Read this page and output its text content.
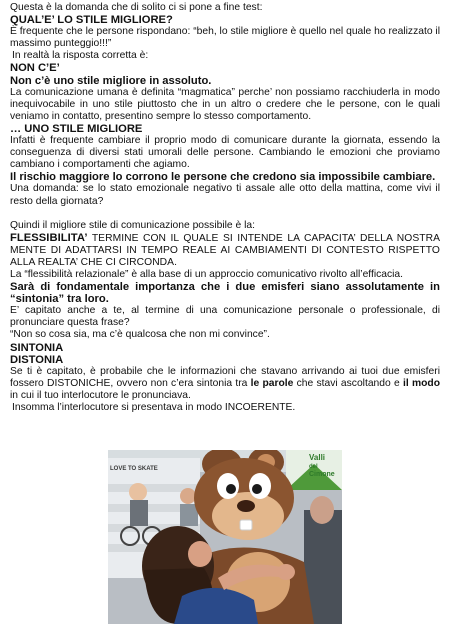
Questa è la domanda che di solito ci si pone a fine test:

QUAL’E’ LO STILE MIGLIORE?

È frequente che le persone rispondano: “beh, lo stile migliore è quello nel quale ho realizzato il massimo punteggio!!!”

In realtà la risposta corretta è:

NON C’E’

Non c’è uno stile migliore in assoluto.

La comunicazione umana è definita “magmatica” perche’ non possiamo racchiuderla in modo inequivocabile in uno stile piuttosto che in un altro o credere che le persone, con le quali veniamo in contatto, presentino sempre lo stesso comportamento.

… UNO STILE MIGLIORE

Infatti è frequente cambiare il proprio modo di comunicare durante la giornata, essendo la conseguenza di diversi stati umorali delle persone. Cambiando le emozioni che proviamo cambiano i comportamenti che agiamo.

Il rischio maggiore lo corrono le persone che credono sia impossibile cambiare.

Una domanda: se lo stato emozionale negativo ti assale alle otto della mattina, come vivi il resto della giornata?

Quindi il migliore stile di comunicazione possibile è la:

FLESSIBILITA’ TERMINE CON IL QUALE SI INTENDE LA CAPACITA’ DELLA NOSTRA MENTE DI ADATTARSI IN TEMPO REALE AI CAMBIAMENTI DI CONTESTO RISPETTO ALLA REALTA’ CHE CI CIRCONDA.

La “flessibilità relazionale” è alla base di un approccio comunicativo rivolto all’efficacia.

Sarà di fondamentale importanza che i due emisferi siano assolutamente in “sintonia” tra loro.

E’ capitato anche a te, al termine di una comunicazione personale o professionale, di pronunciare questa frase?

“Non so cosa sia, ma c’è qualcosa che non mi convince”.

SINTONIA

DISTONIA

Se ti è capitato, è probabile che le informazioni che stavano arrivando ai tuoi due emisferi fossero DISTONICHE, ovvero non c’era sintonia tra le parole che stavi ascoltando e il modo in cui il tuo interlocutore le pronunciava.

Insomma l’interlocutore si presentava in modo INCOERENTE.

LOVE TO SKATE
Valli
del
Cimone
